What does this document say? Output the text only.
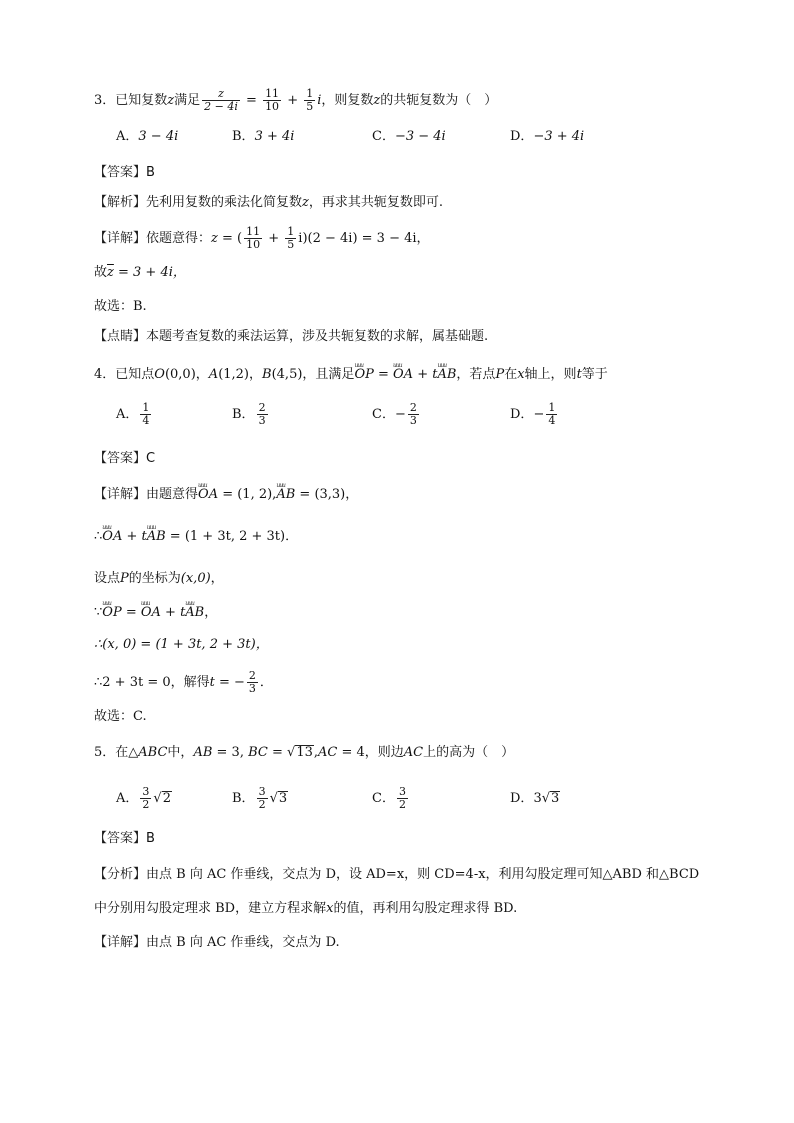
3．已知复数z满足 $\frac{z}{2 - 4i} = \frac{11}{10} + \frac{1}{5}$ i，则复数z的共轭复数为（　）
A．3 − 4i	B．3 + 4i	C．−3 − 4i	D．−3 + 4i
【答案】B
【解析】先利用复数的乘法化简复数z，再求其共轭复数即可.
【详解】依题意得：z = ( $\frac{11}{10} + \frac{1}{5} i)(2 - 4i) = 3 - 4i$，
故$\overline{z} = 3 + 4i$，
故选：B.
【点睛】本题考查复数的乘法运算，涉及共轭复数的求解，属基础题.
4．已知点O(0,0)，A(1,2)，B(4,5)，且满足uuu OP = uuu OA + tuuu AB，若点P在x轴上，则t等于
A． $\frac{1}{4}$	B． $\frac{2}{3}$	C．− $\frac{2}{3}$	D．− $\frac{1}{4}$
【答案】C
【详解】由题意得uuu OA = (1, 2),uuu AB = (3,3)，
∴uuu OA + tuuu AB = (1 + 3t, 2 + 3t)．
设点P的坐标为(x,0)，
∵uuu OP = uuu OA + tuuu AB，
∴(x, 0) = (1 + 3t, 2 + 3t)，
∴2 + 3t = 0，解得t = − $\frac{2}{3}$ ．
故选：C.
5．在△ABC中，AB = 3, BC = √13,AC = 4，则边AC上的高为（　）
A． $\frac{3}{2} √2$	B． $\frac{3}{2} √3$	C． $\frac{3}{2}$	D．3√3
【答案】B
【分析】由点 B 向 AC 作垂线，交点为 D，设 AD=x，则 CD=4-x，利用勾股定理可知△ABD 和△BCD
中分别用勾股定理求 BD，建立方程求解x的值，再利用勾股定理求得 BD.
【详解】由点 B 向 AC 作垂线，交点为 D.
